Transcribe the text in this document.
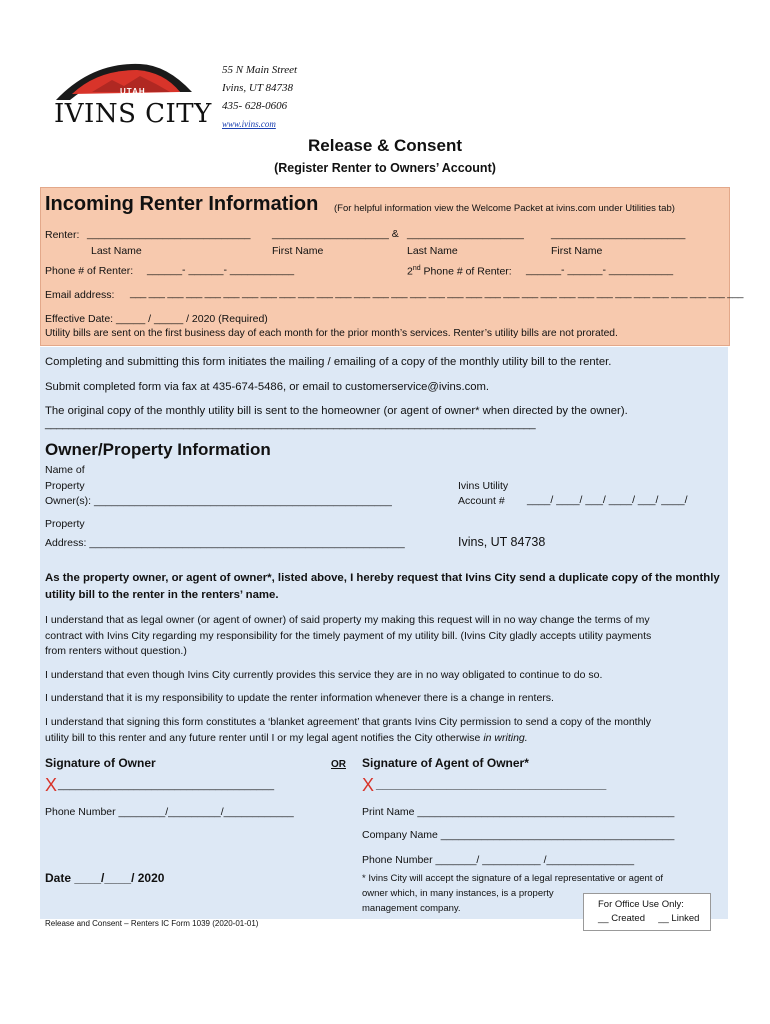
UTAH
IVINS CITY
55 N Main Street
Ivins, UT 84738
435- 628-0606
www.ivins.com
Release & Consent
(Register Renter to Owners’ Account)
Incoming Renter Information (For helpful information view the Welcome Packet at ivins.com under Utilities tab)
Renter: ____________________________ ____________________ & ____________________	_______________________
Last Name	First Name	Last Name	First Name
Phone # of Renter: ______- ______- ___________	2nd Phone # of Renter: ______- ______- ___________
Email address: ___ ___ ___ ___ ___ ___ ___ ___ ___ ___ ___ ___ ___ ___ ___ ___ ___ ___ ___ ___ ___ ___ ___ ___ ___ ___ ___ ___ ___ ___ ___ ___ ___
Effective Date: _____ / _____ / 2020 (Required)
Utility bills are sent on the first business day of each month for the prior month’s services. Renter’s utility bills are not prorated.
Completing and submitting this form initiates the mailing / emailing of a copy of the monthly utility bill to the renter.
Submit completed form via fax at 435-674-5486, or email to customerservice@ivins.com.
The original copy of the monthly utility bill is sent to the homeowner (or agent of owner* when directed by the owner).
_____________________________________________________________________________________
Owner/Property Information
Name of
Property
Owner(s): ___________________________________________________
Ivins Utility
Account # ____/ ____/ ___/ ____/ ___/ ____/
Property
Address: ______________________________________________________	Ivins, UT 84738
As the property owner, or agent of owner*, listed above, I hereby request that Ivins City send a duplicate copy of the monthly utility bill to the renter in the renters’ name.
I understand that as legal owner (or agent of owner) of said property my making this request will in no way change the terms of my
contract with Ivins City regarding my responsibility for the timely payment of my utility bill. (Ivins City gladly accepts utility payments
from renters without question.)
I understand that even though Ivins City currently provides this service they are in no way obligated to continue to do so.
I understand that it is my responsibility to update the renter information whenever there is a change in renters.
I understand that signing this form constitutes a ‘blanket agreement’ that grants Ivins City permission to send a copy of the monthly
utility bill to this renter and any future renter until I or my legal agent notifies the City otherwise in writing.
Signature of Owner	OR Signature of Agent of Owner*
X _____________________________________	X ____________________________________
Phone Number ________/_________/____________	Print Name ____________________________________________
Company Name ________________________________________
Phone Number _______/ __________ /_______________
Date ____/____/ 2020	* Ivins City will accept the signature of a legal representative or agent of
owner which, in many instances, is a property
management company.
Release and Consent – Renters IC Form 1039 (2020-01-01)
For Office Use Only:
__ Created __ Linked
